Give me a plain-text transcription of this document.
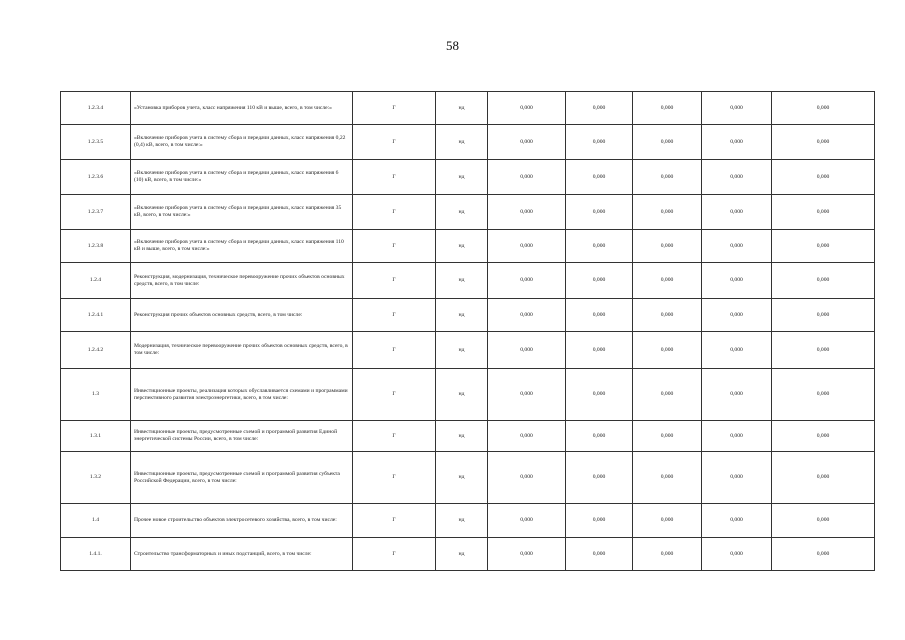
58
1.2.3.4	«Установка приборов учета, класс напряжения 110 кВ и выше, всего, в том числе:»	Г	нд	0,000	0,000	0,000	0,000	0,000
1.2.3.5	«Включение приборов учета в систему сбора и передачи данных, класс напряжения 0,22 (0,4) кВ, всего, в том числе:»	Г	нд	0,000	0,000	0,000	0,000	0,000
1.2.3.6	«Включение приборов учета в систему сбора и передачи данных, класс напряжения 6 (10) кВ, всего, в том числе:»	Г	нд	0,000	0,000	0,000	0,000	0,000
1.2.3.7	«Включение приборов учета в систему сбора и передачи данных, класс напряжения 35 кВ, всего, в том числе:»	Г	нд	0,000	0,000	0,000	0,000	0,000
1.2.3.8	«Включение приборов учета в систему сбора и передачи данных, класс напряжения 110 кВ и выше, всего, в том числе:»	Г	нд	0,000	0,000	0,000	0,000	0,000
1.2.4	Реконструкция, модернизация, техническое перевооружение прочих объектов основных средств, всего, в том числе:	Г	нд	0,000	0,000	0,000	0,000	0,000
1.2.4.1	Реконструкция прочих объектов основных средств, всего, в том числе:	Г	нд	0,000	0,000	0,000	0,000	0,000
1.2.4.2	Модернизация, техническое перевооружение прочих объектов основных средств, всего, в том числе:	Г	нд	0,000	0,000	0,000	0,000	0,000
1.3	Инвестиционные проекты, реализация которых обуславливается схемами и программами перспективного развития электроэнергетики, всего, в том числе:	Г	нд	0,000	0,000	0,000	0,000	0,000
1.3.1	Инвестиционные проекты, предусмотренные схемой и программой развития Единой энергетической системы России, всего, в том числе:	Г	нд	0,000	0,000	0,000	0,000	0,000
1.3.2	Инвестиционные проекты, предусмотренные схемой и программой развития субъекта Российской Федерации, всего, в том числе:	Г	нд	0,000	0,000	0,000	0,000	0,000
1.4	Прочее новое строительство объектов электросетевого хозяйства, всего, в том числе:	Г	нд	0,000	0,000	0,000	0,000	0,000
1.4.1.	Строительство трансформаторных и иных подстанций, всего, в том числе:	Г	нд	0,000	0,000	0,000	0,000	0,000
